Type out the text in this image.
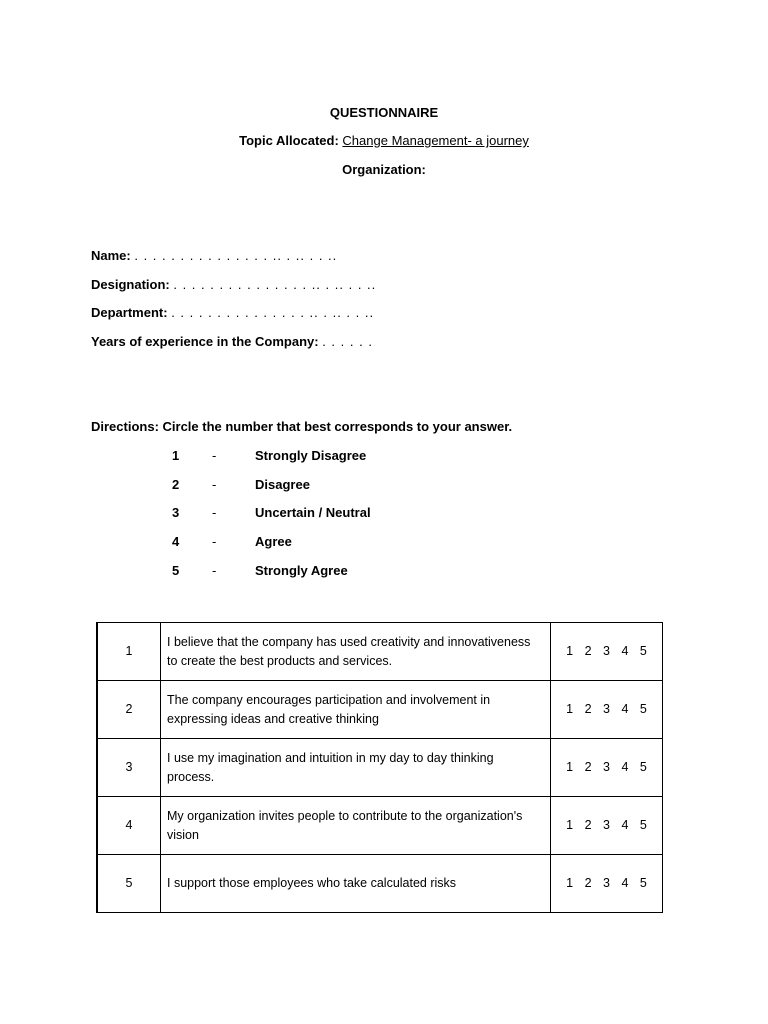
QUESTIONNAIRE
Topic Allocated: Change Management- a journey
Organization:
Name: . . . . . . . . . . . . . . . .. . .. . . ..
Designation: . . . . . . . . . . . . . . . .. . .. . . ..
Department: . . . . . . . . . . . . . . . .. . .. . . ..
Years of experience in the Company: . . . . . .
Directions: Circle the number that best corresponds to your answer.
1	-	Strongly Disagree
2	-	Disagree
3	-	Uncertain / Neutral
4	-	Agree
5	-	Strongly Agree
1	I believe that the company has used creativity and innovativeness to create the best products and services.	1 2 3 4 5
2	The company encourages participation and involvement in expressing ideas and creative thinking	1 2 3 4 5
3	I use my imagination and intuition in my day to day thinking process.	1 2 3 4 5
4	My organization invites people to contribute to the organization's vision	1 2 3 4 5
5	I support those employees who take calculated risks	1 2 3 4 5
